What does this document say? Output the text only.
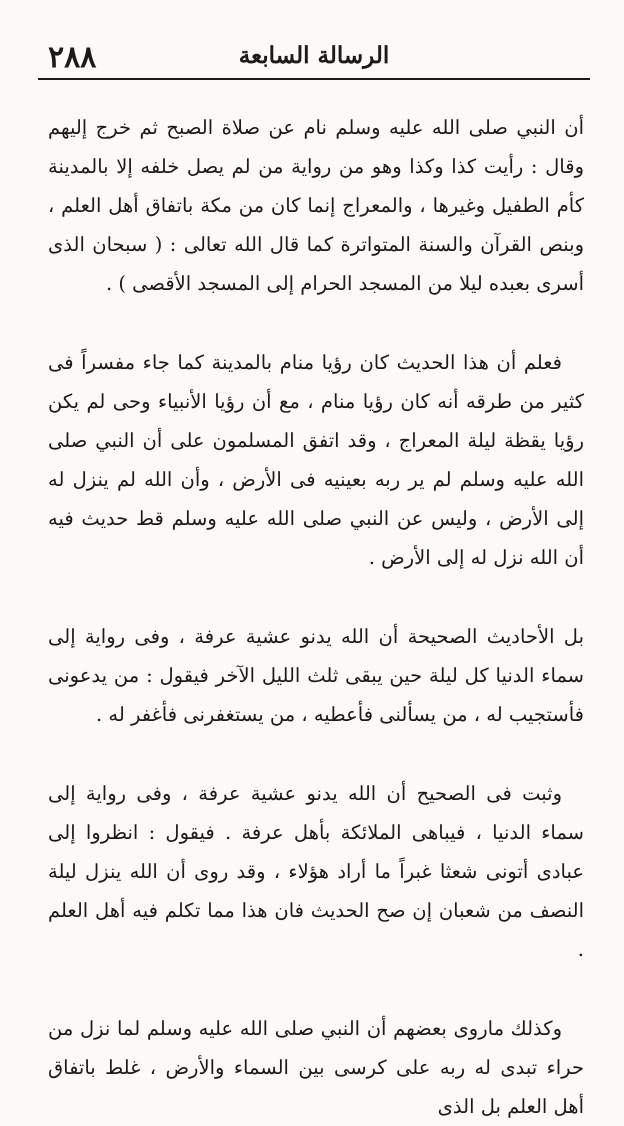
٢٨٨	الرسالة السابعة

أن النبي صلى الله عليه وسلم نام عن صلاة الصبح ثم خرج إليهم وقال : رأيت كذا وكذا وهو من رواية من لم يصل خلفه إلا بالمدينة كأم الطفيل وغيرها ، والمعراج إنما كان من مكة باتفاق أهل العلم ، وبنص القرآن والسنة المتواترة كما قال الله تعالى : ( سبحان الذى أسرى بعبده ليلا من المسجد الحرام إلى المسجد الأقصى ) .

فعلم أن هذا الحديث كان رؤيا منام بالمدينة كما جاء مفسراً فى كثير من طرقه أنه كان رؤيا منام ، مع أن رؤيا الأنبياء وحى لم يكن رؤيا يقظة ليلة المعراج ، وقد اتفق المسلمون على أن النبي صلى الله عليه وسلم لم ير ربه بعينيه فى الأرض ، وأن الله لم ينزل له إلى الأرض ، وليس عن النبي صلى الله عليه وسلم قط حديث فيه أن الله نزل له إلى الأرض .

بل الأحاديث الصحيحة أن الله يدنو عشية عرفة ، وفى رواية إلى سماء الدنيا كل ليلة حين يبقى ثلث الليل الآخر فيقول : من يدعونى فأستجيب له ، من يسألنى فأعطيه ، من يستغفرنى فأغفر له .

وثبت فى الصحيح أن الله يدنو عشية عرفة ، وفى رواية إلى سماء الدنيا ، فيباهى الملائكة بأهل عرفة . فيقول : انظروا إلى عبادى أتونى شعثا غبراً ما أراد هؤلاء ، وقد روى أن الله ينزل ليلة النصف من شعبان إن صح الحديث فان هذا مما تكلم فيه أهل العلم .

وكذلك ماروى بعضهم أن النبي صلى الله عليه وسلم لما نزل من حراء تبدى له ربه على كرسى بين السماء والأرض ، غلط باتفاق أهل العلم بل الذى
